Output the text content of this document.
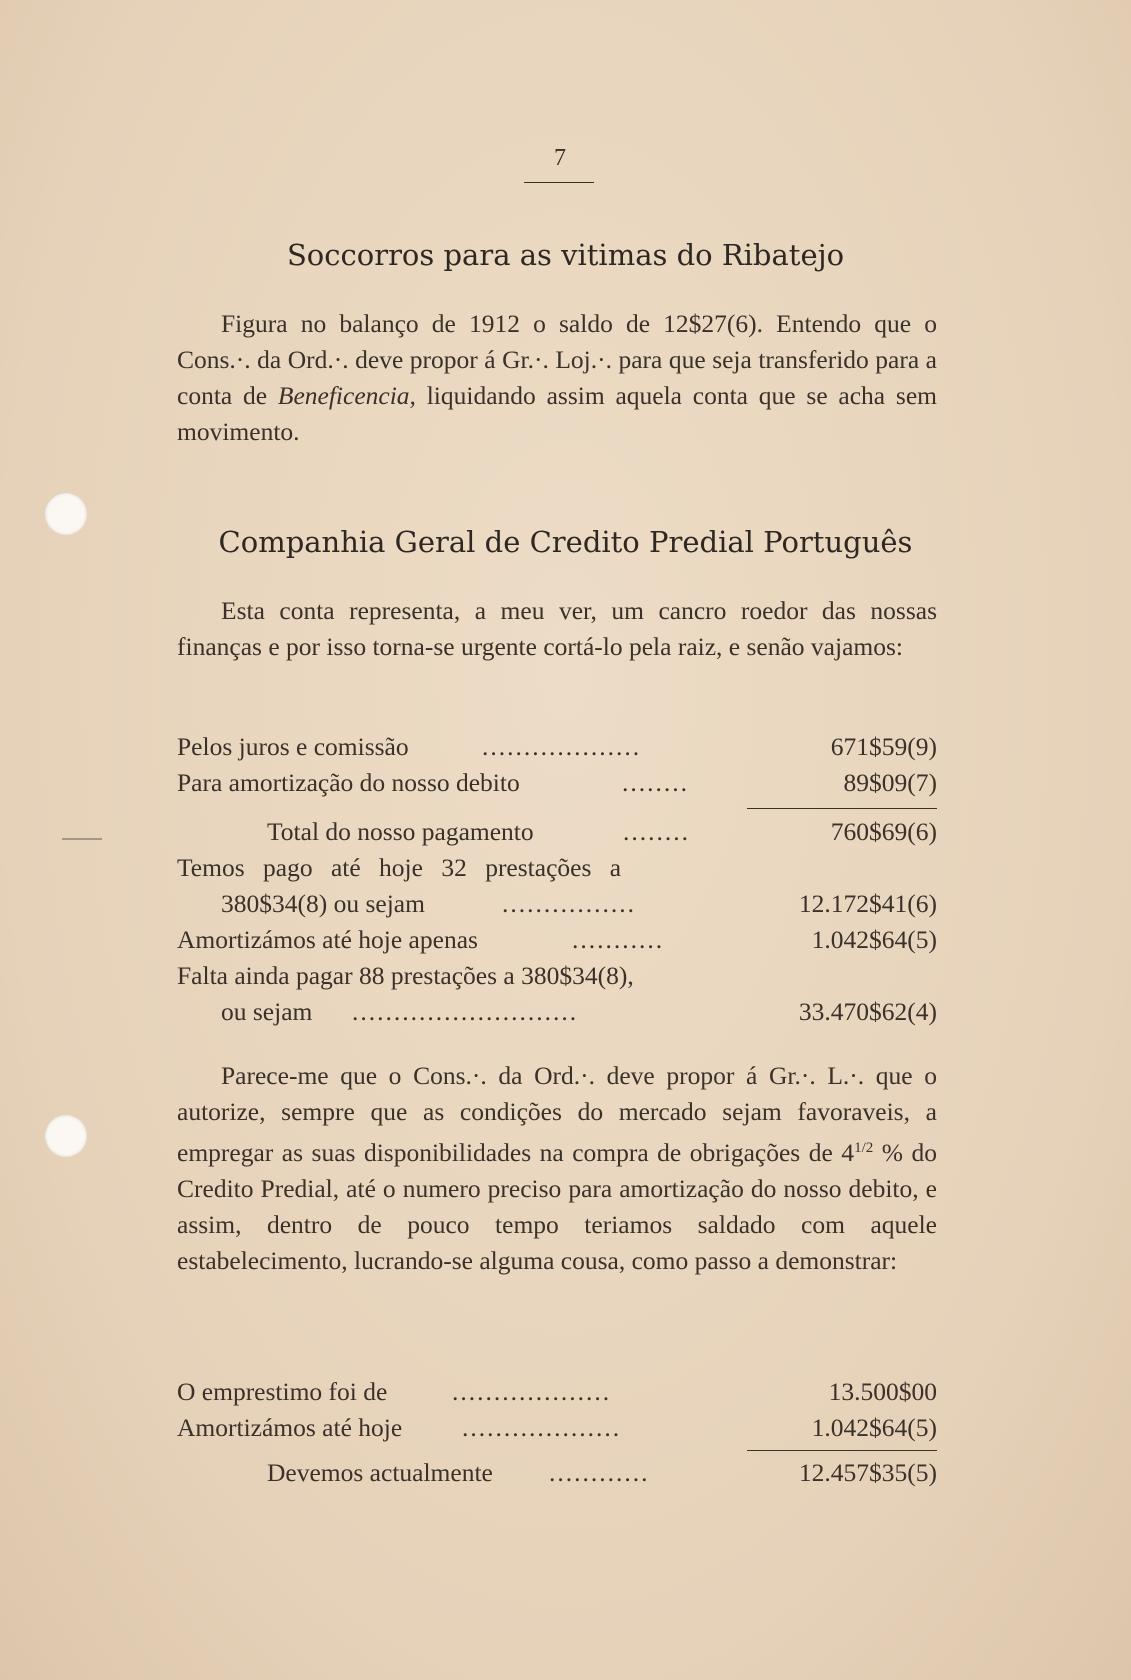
7
Soccorros para as vitimas do Ribatejo
Figura no balanço de 1912 o saldo de 12$27(6). Entendo que o Cons.·. da Ord.·. deve propor á Gr.·. Loj.·. para que seja transferido para a conta de Beneficencia, liquidando assim aquela conta que se acha sem movimento.
Companhia Geral de Credito Predial Português
Esta conta representa, a meu ver, um cancro roedor das nossas finanças e por isso torna-se urgente cortá-lo pela raiz, e senão vajamos:
Pelos juros e comissão	...................	671$59(9)
Para amortização do nosso debito	........	89$09(7)
Total do nosso pagamento	........	760$69(6)
Temos pago até hoje 32 prestações a
380$34(8) ou sejam	................	12.172$41(6)
Amortizámos até hoje apenas	...........	1.042$64(5)
Falta ainda pagar 88 prestações a 380$34(8),
ou sejam ...........................	33.470$62(4)
Parece-me que o Cons.·. da Ord.·. deve propor á Gr.·. L.·. que o autorize, sempre que as condições do mercado sejam favoraveis, a empregar as suas disponibilidades na compra de obrigações de $4^{1/2}$ % do Credito Predial, até o numero preciso para amortização do nosso debito, e assim, dentro de pouco tempo teriamos saldado com aquele estabelecimento, lucrando-se alguma cousa, como passo a demonstrar:
O emprestimo foi de	...................	13.500$00
Amortizámos até hoje ...................	1.042$64(5)
Devemos actualmente ............	12.457$35(5)
